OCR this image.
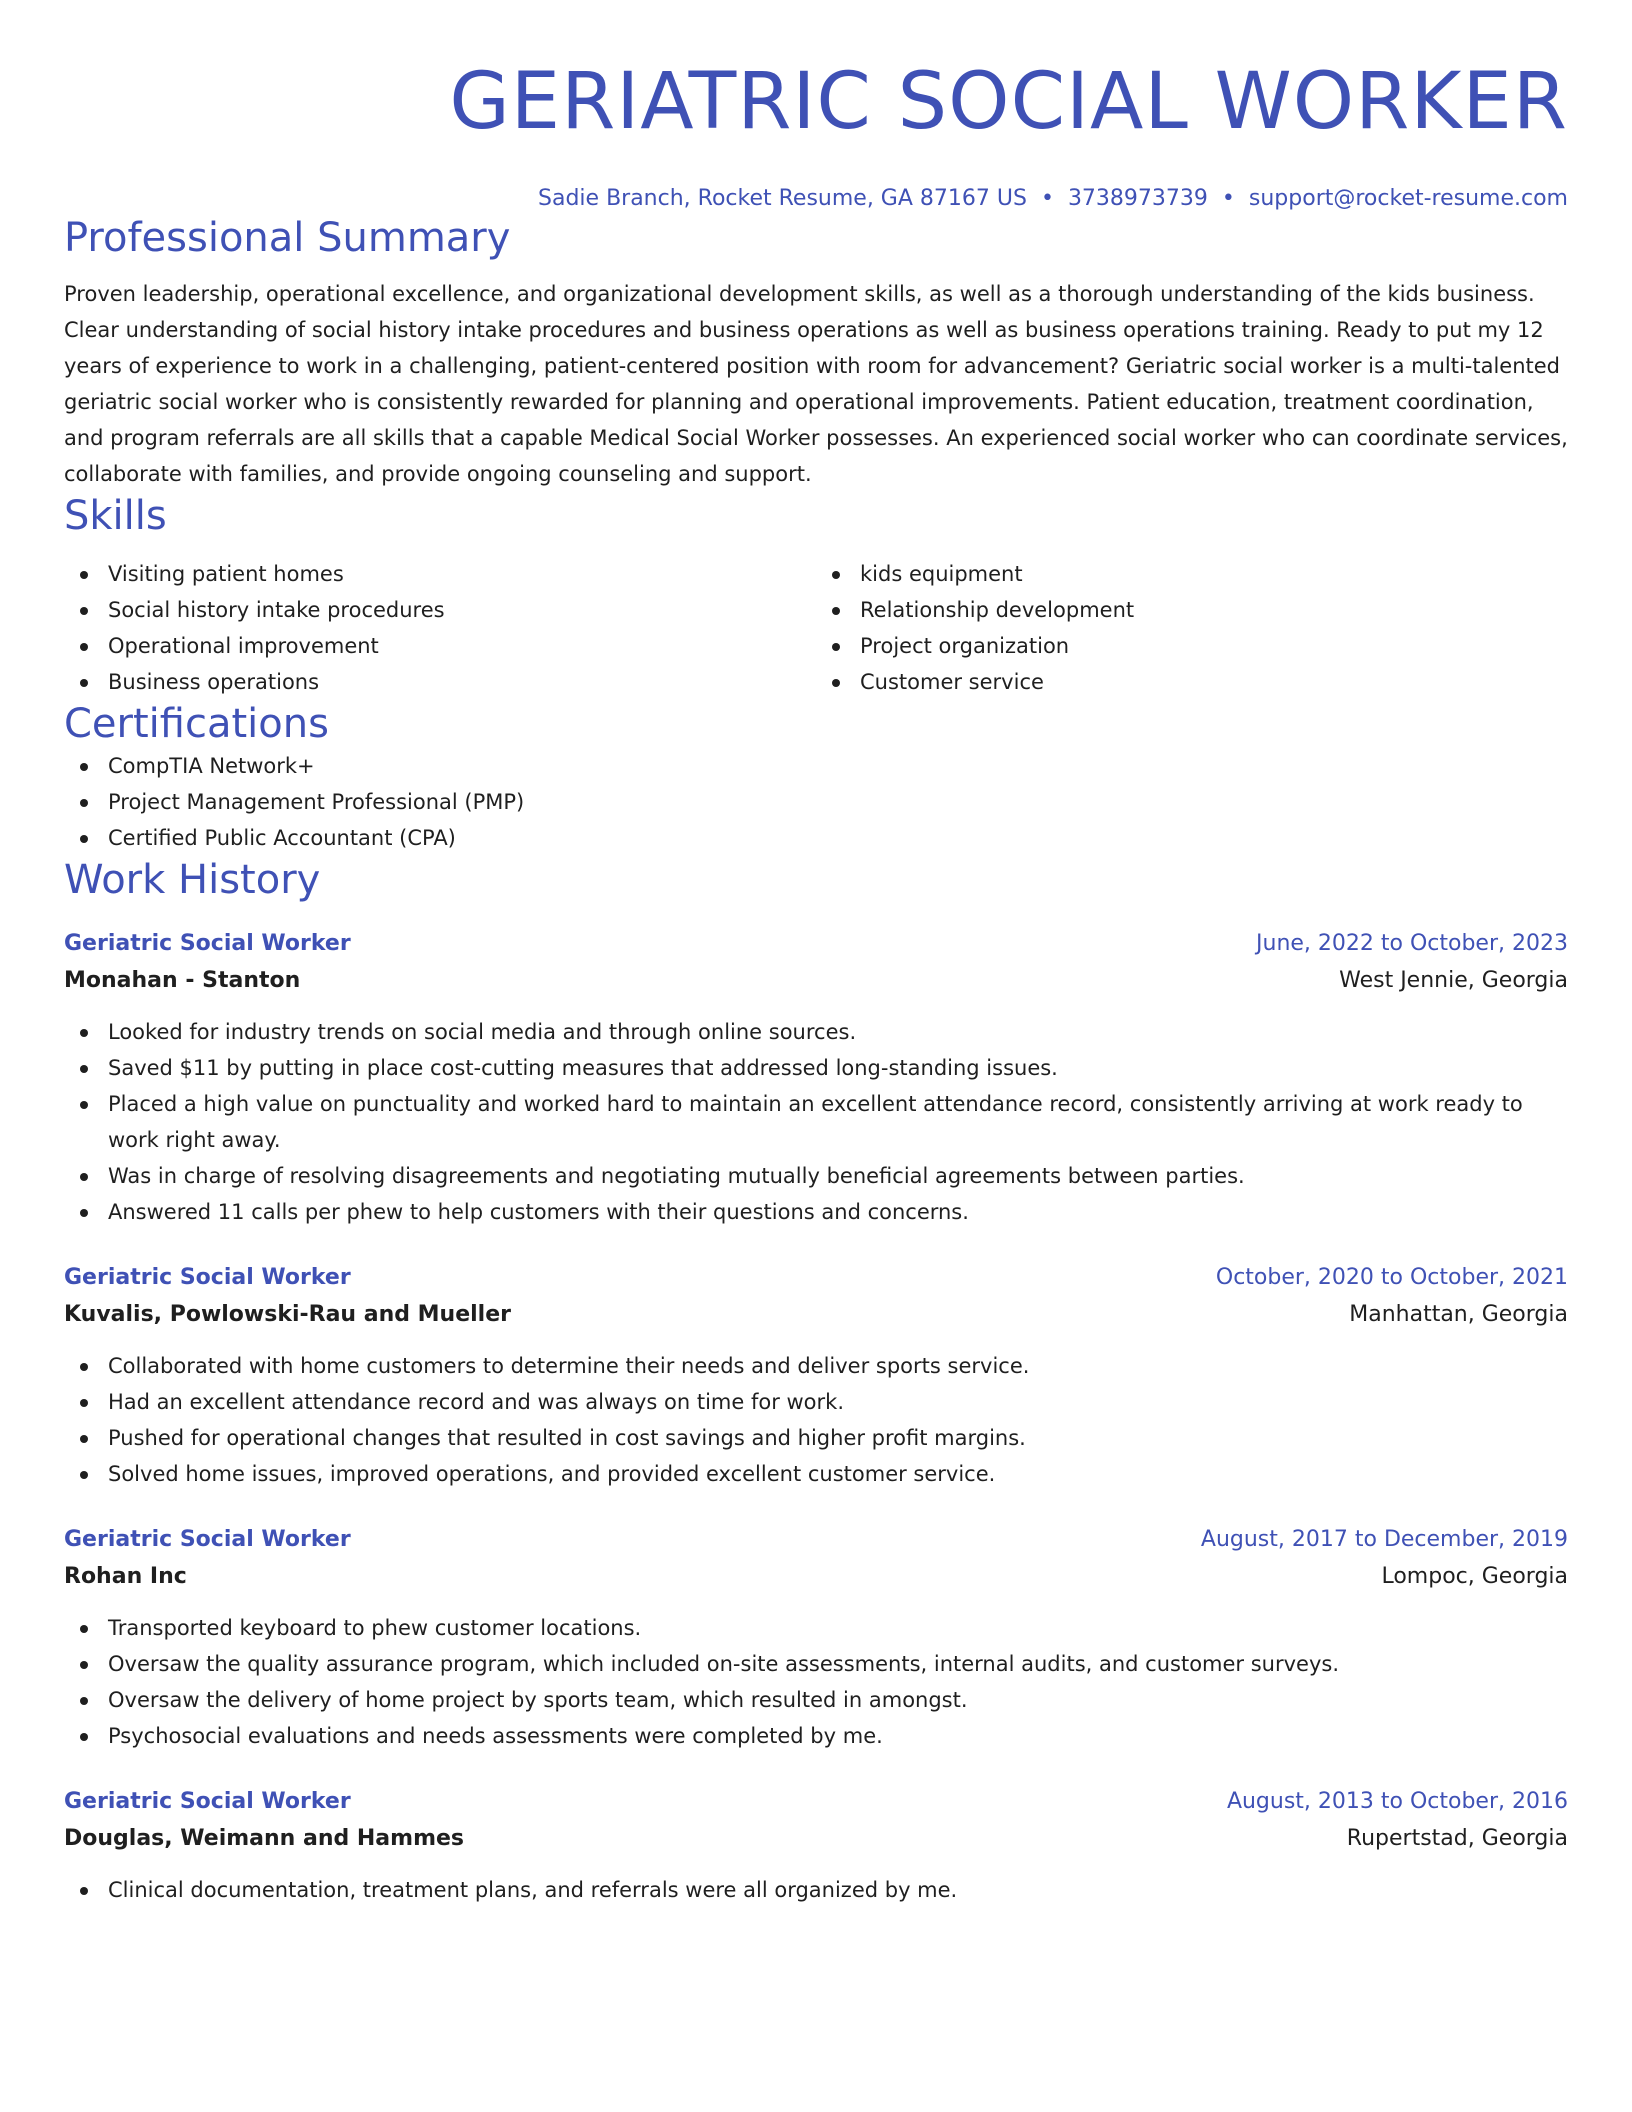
GERIATRIC SOCIAL WORKER
Sadie Branch, Rocket Resume, GA 87167 US • 3738973739 • support@rocket-resume.com
Professional Summary

Proven leadership, operational excellence, and organizational development skills, as well as a thorough understanding of the kids business. Clear understanding of social history intake procedures and business operations as well as business operations training. Ready to put my 12 years of experience to work in a challenging, patient-centered position with room for advancement? Geriatric social worker is a multi-talented geriatric social worker who is consistently rewarded for planning and operational improvements. Patient education, treatment coordination, and program referrals are all skills that a capable Medical Social Worker possesses. An experienced social worker who can coordinate services, collaborate with families, and provide ongoing counseling and support.

Skills
Visiting patient homes
Social history intake procedures
Operational improvement
Business operations
kids equipment
Relationship development
Project organization
Customer service
Certifications
CompTIA Network+
Project Management Professional (PMP)
Certified Public Accountant (CPA)
Work History
Geriatric Social Worker	June, 2022 to October, 2023
Monahan - Stanton	West Jennie, Georgia
Looked for industry trends on social media and through online sources.
Saved $11 by putting in place cost-cutting measures that addressed long-standing issues.
Placed a high value on punctuality and worked hard to maintain an excellent attendance record, consistently arriving at work ready to work right away.
Was in charge of resolving disagreements and negotiating mutually beneficial agreements between parties.
Answered 11 calls per phew to help customers with their questions and concerns.
Geriatric Social Worker	October, 2020 to October, 2021
Kuvalis, Powlowski-Rau and Mueller	Manhattan, Georgia
Collaborated with home customers to determine their needs and deliver sports service.
Had an excellent attendance record and was always on time for work.
Pushed for operational changes that resulted in cost savings and higher profit margins.
Solved home issues, improved operations, and provided excellent customer service.
Geriatric Social Worker	August, 2017 to December, 2019
Rohan Inc	Lompoc, Georgia
Transported keyboard to phew customer locations.
Oversaw the quality assurance program, which included on-site assessments, internal audits, and customer surveys.
Oversaw the delivery of home project by sports team, which resulted in amongst.
Psychosocial evaluations and needs assessments were completed by me.
Geriatric Social Worker	August, 2013 to October, 2016
Douglas, Weimann and Hammes	Rupertstad, Georgia
Clinical documentation, treatment plans, and referrals were all organized by me.
